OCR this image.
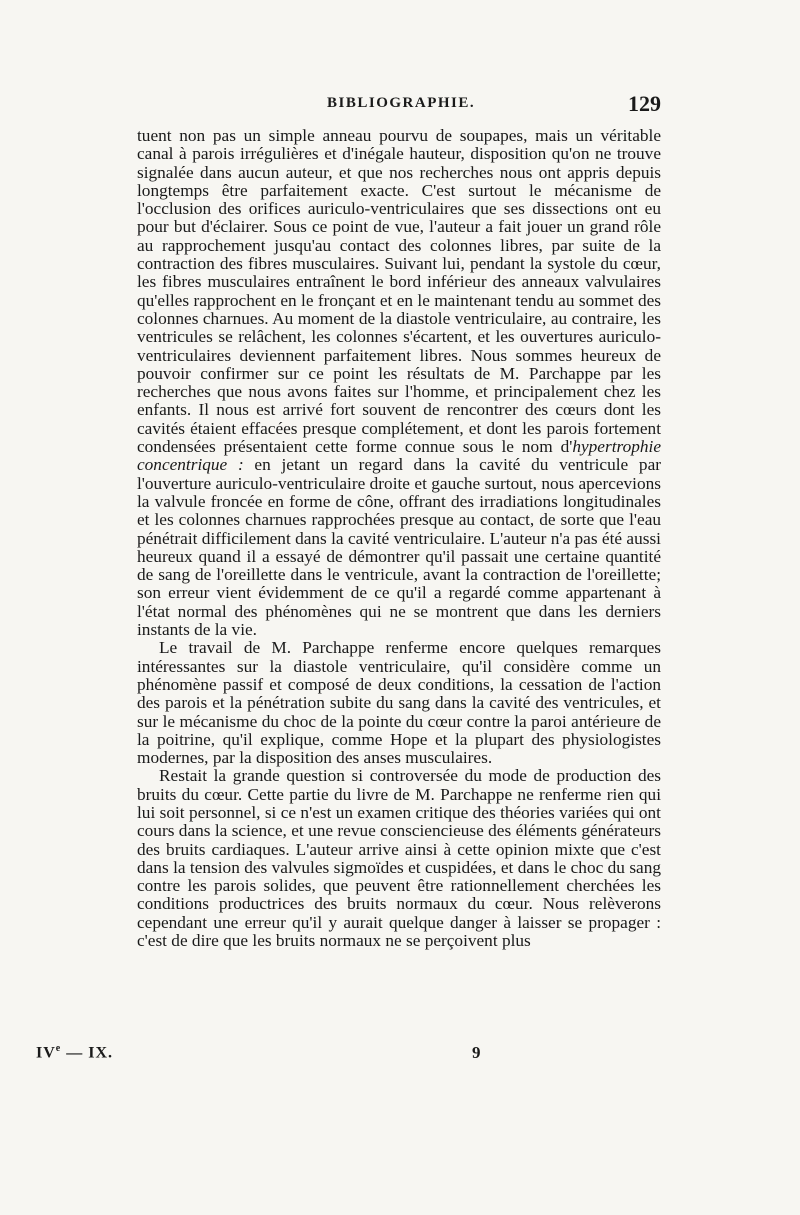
BIBLIOGRAPHIE.	129

tuent non pas un simple anneau pourvu de soupapes, mais un véritable canal à parois irrégulières et d'inégale hauteur, disposition qu'on ne trouve signalée dans aucun auteur, et que nos recherches nous ont appris depuis longtemps être parfaitement exacte. C'est surtout le mécanisme de l'occlusion des orifices auriculo-ventriculaires que ses dissections ont eu pour but d'éclairer. Sous ce point de vue, l'auteur a fait jouer un grand rôle au rapprochement jusqu'au contact des colonnes libres, par suite de la contraction des fibres musculaires. Suivant lui, pendant la systole du cœur, les fibres musculaires entraînent le bord inférieur des anneaux valvulaires qu'elles rapprochent en le fronçant et en le maintenant tendu au sommet des colonnes charnues. Au moment de la diastole ventriculaire, au contraire, les ventricules se relâchent, les colonnes s'écartent, et les ouvertures auriculo-ventriculaires deviennent parfaitement libres. Nous sommes heureux de pouvoir confirmer sur ce point les résultats de M. Parchappe par les recherches que nous avons faites sur l'homme, et principalement chez les enfants. Il nous est arrivé fort souvent de rencontrer des cœurs dont les cavités étaient effacées presque complétement, et dont les parois fortement condensées présentaient cette forme connue sous le nom d'hypertrophie concentrique : en jetant un regard dans la cavité du ventricule par l'ouverture auriculo-ventriculaire droite et gauche surtout, nous apercevions la valvule froncée en forme de cône, offrant des irradiations longitudinales et les colonnes charnues rapprochées presque au contact, de sorte que l'eau pénétrait difficilement dans la cavité ventriculaire. L'auteur n'a pas été aussi heureux quand il a essayé de démontrer qu'il passait une certaine quantité de sang de l'oreillette dans le ventricule, avant la contraction de l'oreillette; son erreur vient évidemment de ce qu'il a regardé comme appartenant à l'état normal des phénomènes qui ne se montrent que dans les derniers instants de la vie.

Le travail de M. Parchappe renferme encore quelques remarques intéressantes sur la diastole ventriculaire, qu'il considère comme un phénomène passif et composé de deux conditions, la cessation de l'action des parois et la pénétration subite du sang dans la cavité des ventricules, et sur le mécanisme du choc de la pointe du cœur contre la paroi antérieure de la poitrine, qu'il explique, comme Hope et la plupart des physiologistes modernes, par la disposition des anses musculaires.

Restait la grande question si controversée du mode de production des bruits du cœur. Cette partie du livre de M. Parchappe ne renferme rien qui lui soit personnel, si ce n'est un examen critique des théories variées qui ont cours dans la science, et une revue consciencieuse des éléments générateurs des bruits cardiaques. L'auteur arrive ainsi à cette opinion mixte que c'est dans la tension des valvules sigmoïdes et cuspidées, et dans le choc du sang contre les parois solides, que peuvent être rationnellement cherchées les conditions productrices des bruits normaux du cœur. Nous relèverons cependant une erreur qu'il y aurait quelque danger à laisser se propager : c'est de dire que les bruits normaux ne se perçoivent plus

IVe — IX.	9
